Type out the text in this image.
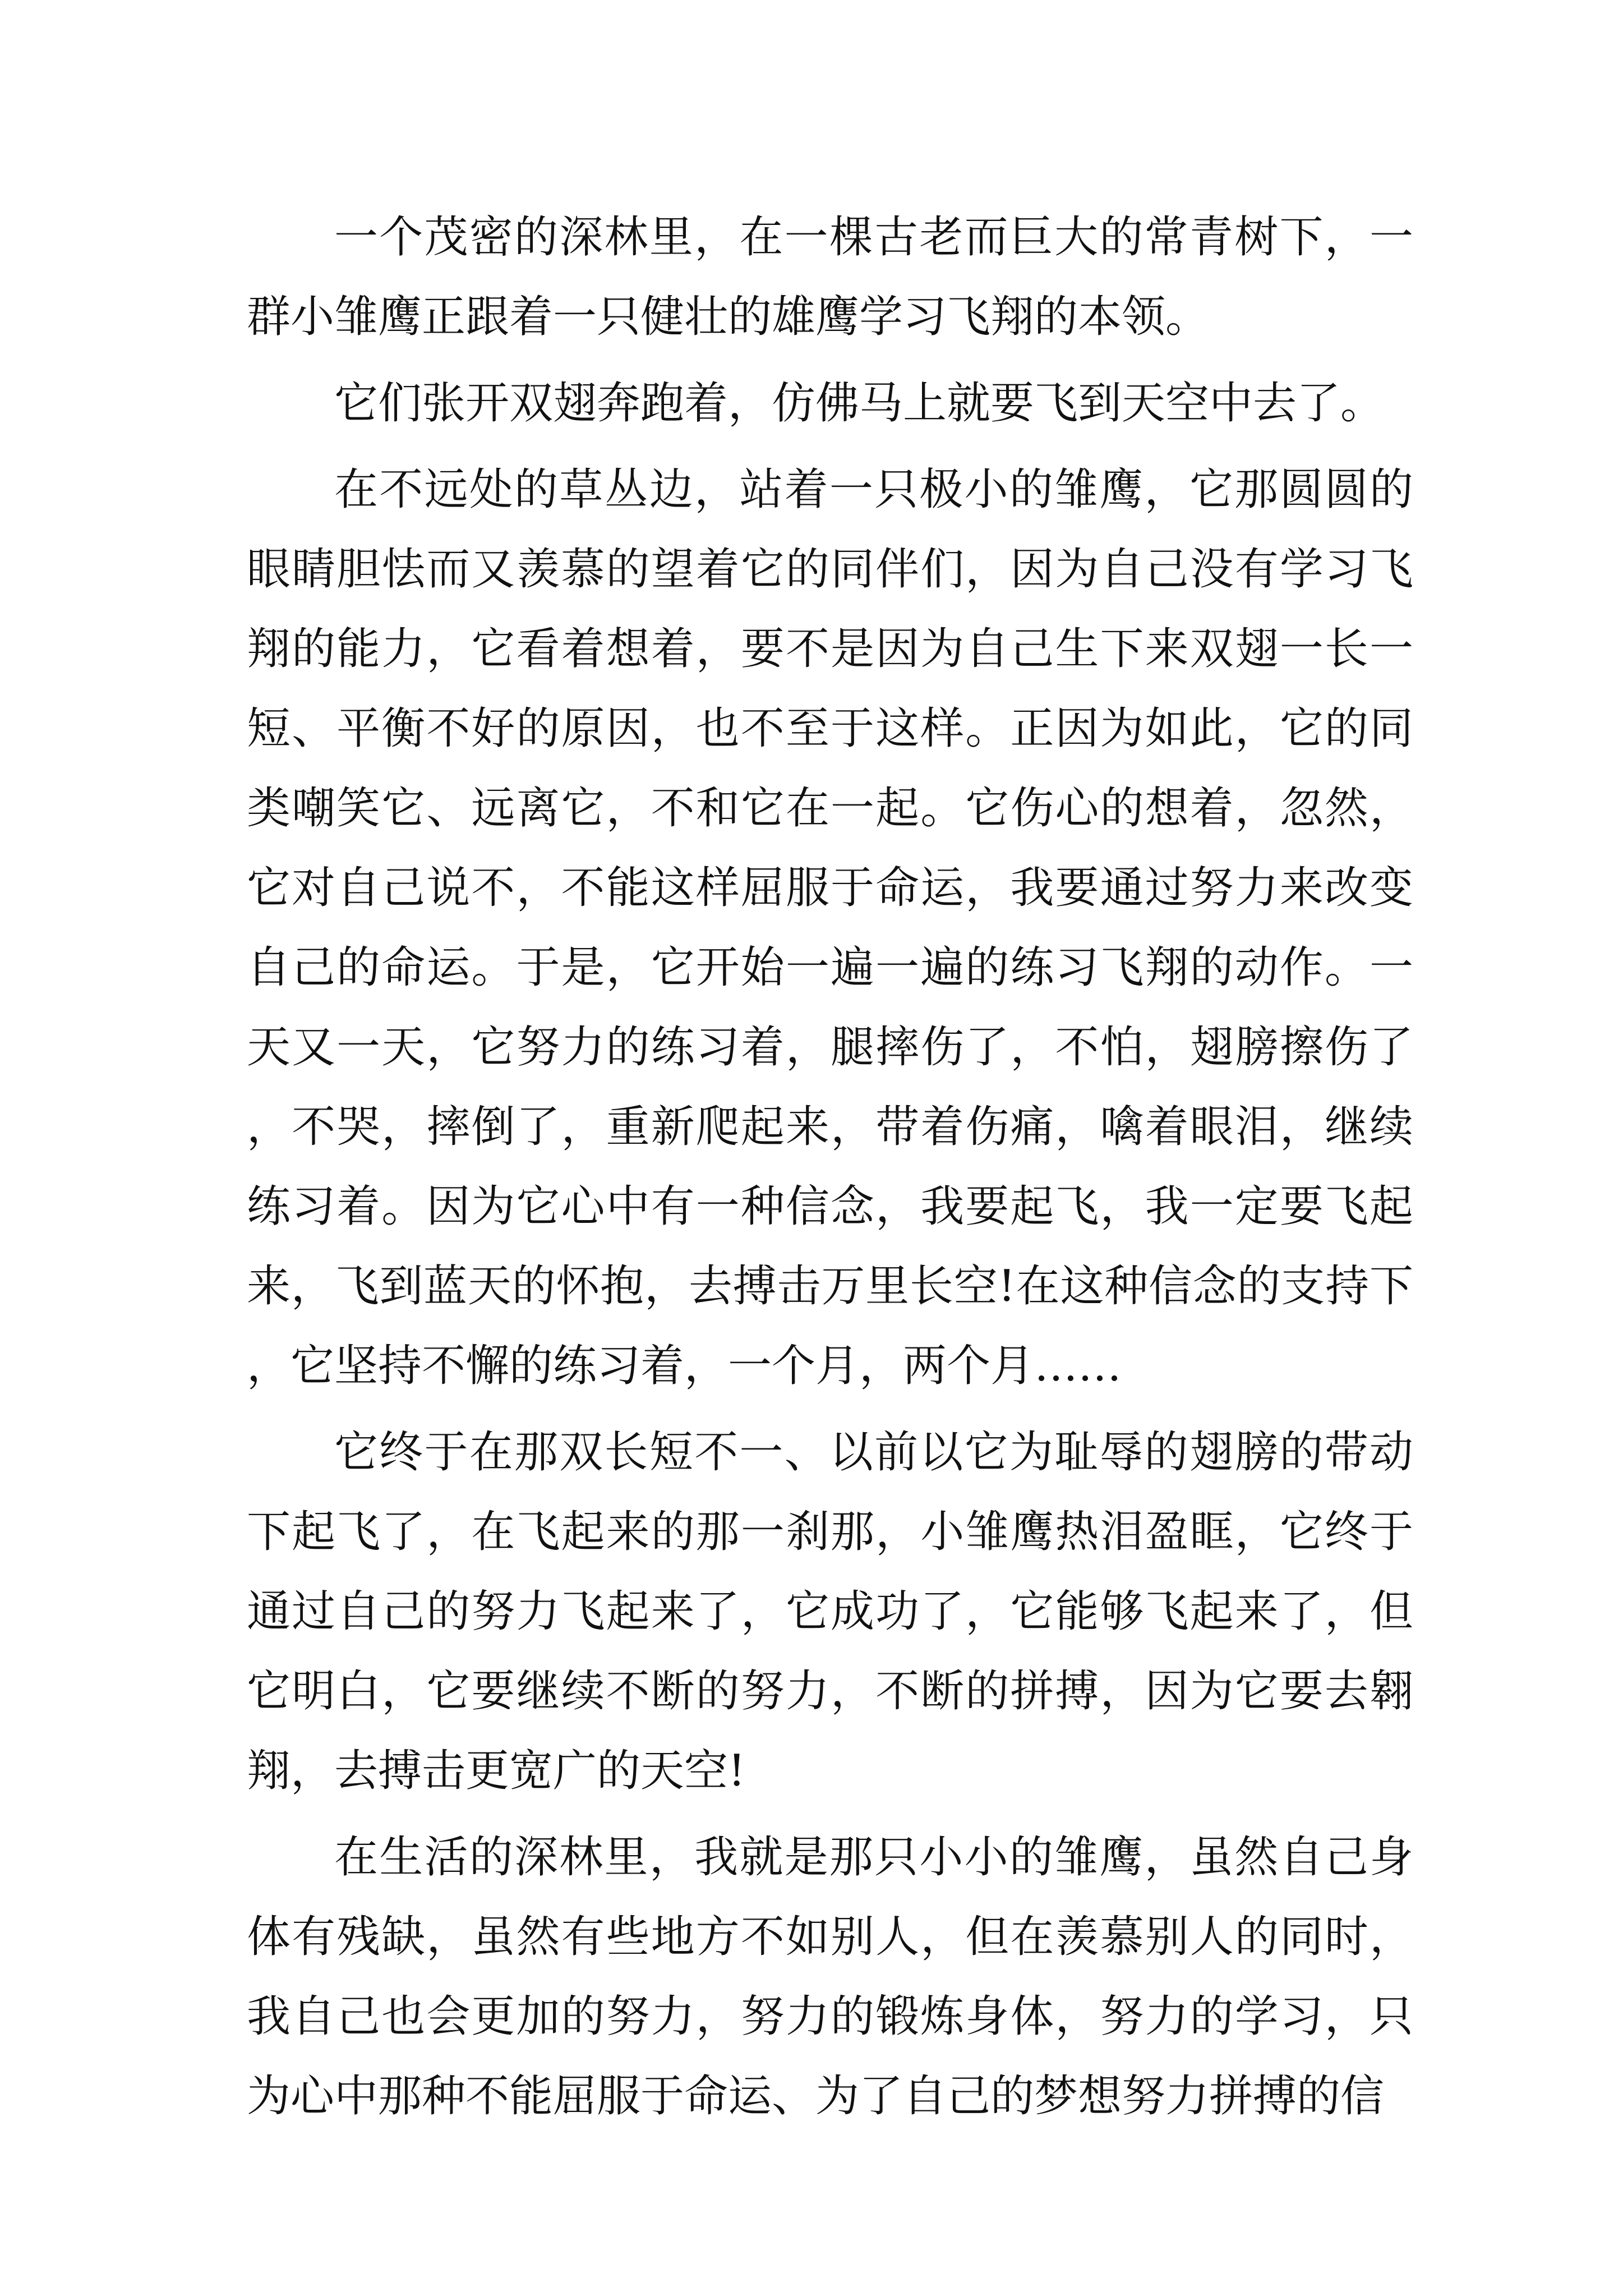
一个茂密的深林里，在一棵古老而巨大的常青树下，一群小雏鹰正跟着一只健壮的雄鹰学习飞翔的本领。

它们张开双翅奔跑着，仿佛马上就要飞到天空中去了。

在不远处的草丛边，站着一只极小的雏鹰，它那圆圆的眼睛胆怯而又羡慕的望着它的同伴们，因为自己没有学习飞翔的能力，它看着想着，要不是因为自己生下来双翅一长一短、平衡不好的原因，也不至于这样。正因为如此，它的同类嘲笑它、远离它，不和它在一起。它伤心的想着，忽然，它对自己说不，不能这样屈服于命运，我要通过努力来改变自己的命运。于是，它开始一遍一遍的练习飞翔的动作。一天又一天，它努力的练习着，腿摔伤了，不怕，翅膀擦伤了，不哭，摔倒了，重新爬起来，带着伤痛，噙着眼泪，继续练习着。因为它心中有一种信念，我要起飞，我一定要飞起来，飞到蓝天的怀抱，去搏击万里长空!在这种信念的支持下，它坚持不懈的练习着，一个月，两个月……

它终于在那双长短不一、以前以它为耻辱的翅膀的带动下起飞了，在飞起来的那一刹那，小雏鹰热泪盈眶，它终于通过自己的努力飞起来了，它成功了，它能够飞起来了，但它明白，它要继续不断的努力，不断的拼搏，因为它要去翱翔，去搏击更宽广的天空!

在生活的深林里，我就是那只小小的雏鹰，虽然自己身体有残缺，虽然有些地方不如别人，但在羡慕别人的同时，我自己也会更加的努力，努力的锻炼身体，努力的学习，只为心中那种不能屈服于命运、为了自己的梦想努力拼搏的信
